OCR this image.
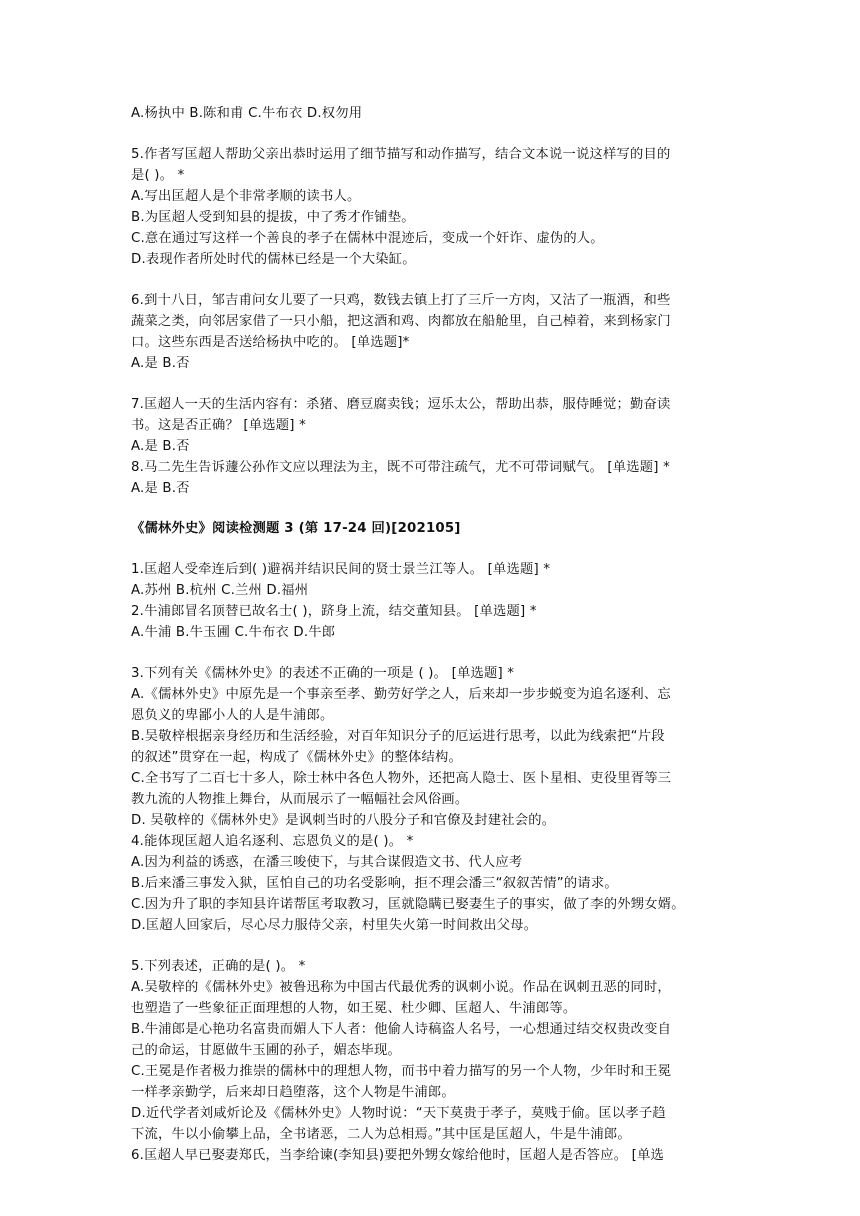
A.杨执中 B.陈和甫 C.牛布衣 D.权勿用
5.作者写匡超人帮助父亲出恭时运用了细节描写和动作描写，结合文本说一说这样写的目的
是( )。 *
A.写出匡超人是个非常孝顺的读书人。
B.为匡超人受到知县的提拔，中了秀才作铺垫。
C.意在通过写这样一个善良的孝子在儒林中混迹后，变成一个奸诈、虚伪的人。
D.表现作者所处时代的儒林已经是一个大染缸。
6.到十八日，邹吉甫问女儿要了一只鸡，数钱去镇上打了三斤一方肉，又沽了一瓶酒，和些
蔬菜之类，向邻居家借了一只小船，把这酒和鸡、肉都放在船舱里，自己棹着，来到杨家门
口。这些东西是否送给杨执中吃的。 [单选题]*
A.是 B.否
7.匡超人一天的生活内容有：杀猪、磨豆腐卖钱；逗乐太公，帮助出恭，服侍睡觉；勤奋读
书。这是否正确？ [单选题] *
A.是 B.否
8.马二先生告诉蘧公孙作文应以理法为主，既不可带注疏气，尤不可带词赋气。 [单选题] *
A.是 B.否
《儒林外史》阅读检测题 3 (第 17-24 回)[202105]
1.匡超人受牵连后到( )避祸并结识民间的贤士景兰江等人。 [单选题] *
A.苏州 B.杭州 C.兰州 D.福州
2.牛浦郎冒名顶替已故名士( )，跻身上流，结交董知县。 [单选题] *
A.牛浦 B.牛玉圃 C.牛布衣 D.牛郎
3.下列有关《儒林外史》的表述不正确的一项是 ( )。 [单选题] *
A.《儒林外史》中原先是一个事亲至孝、勤劳好学之人，后来却一步步蜕变为追名逐利、忘
恩负义的卑鄙小人的人是牛浦郎。
B.吴敬梓根据亲身经历和生活经验，对百年知识分子的厄运进行思考，以此为线索把“片段
的叙述”贯穿在一起，构成了《儒林外史》的整体结构。
C.全书写了二百七十多人，除士林中各色人物外，还把高人隐士、医卜星相、吏役里胥等三
教九流的人物推上舞台，从而展示了一幅幅社会风俗画。
D. 吴敬梓的《儒林外史》是讽刺当时的八股分子和官僚及封建社会的。
4.能体现匡超人追名逐利、忘恩负义的是( )。 *
A.因为利益的诱惑，在潘三唆使下，与其合谋假造文书、代人应考
B.后来潘三事发入狱，匡怕自己的功名受影响，拒不理会潘三“叙叙苦情”的请求。
C.因为升了职的李知县许诺帮匡考取教习，匡就隐瞒已娶妻生子的事实，做了李的外甥女婿。
D.匡超人回家后，尽心尽力服侍父亲，村里失火第一时间救出父母。
5.下列表述，正确的是( )。 *
A.吴敬梓的《儒林外史》被鲁迅称为中国古代最优秀的讽刺小说。作品在讽刺丑恶的同时，
也塑造了一些象征正面理想的人物，如王冕、杜少卿、匡超人、牛浦郎等。
B.牛浦郎是心艳功名富贵而媚人下人者：他偷人诗稿盗人名号，一心想通过结交权贵改变自
己的命运，甘愿做牛玉圃的孙子，媚态毕现。
C.王冕是作者极力推崇的儒林中的理想人物，而书中着力描写的另一个人物，少年时和王冕
一样孝亲勤学，后来却日趋堕落，这个人物是牛浦郎。
D.近代学者刘咸炘论及《儒林外史》人物时说：“天下莫贵于孝子，莫贱于偷。匡以孝子趋
下流，牛以小偷攀上品，全书诸恶，二人为总相焉。”其中匡是匡超人，牛是牛浦郎。
6.匡超人早已娶妻郑氏，当李给谏(李知县)要把外甥女嫁给他时，匡超人是否答应。 [单选
